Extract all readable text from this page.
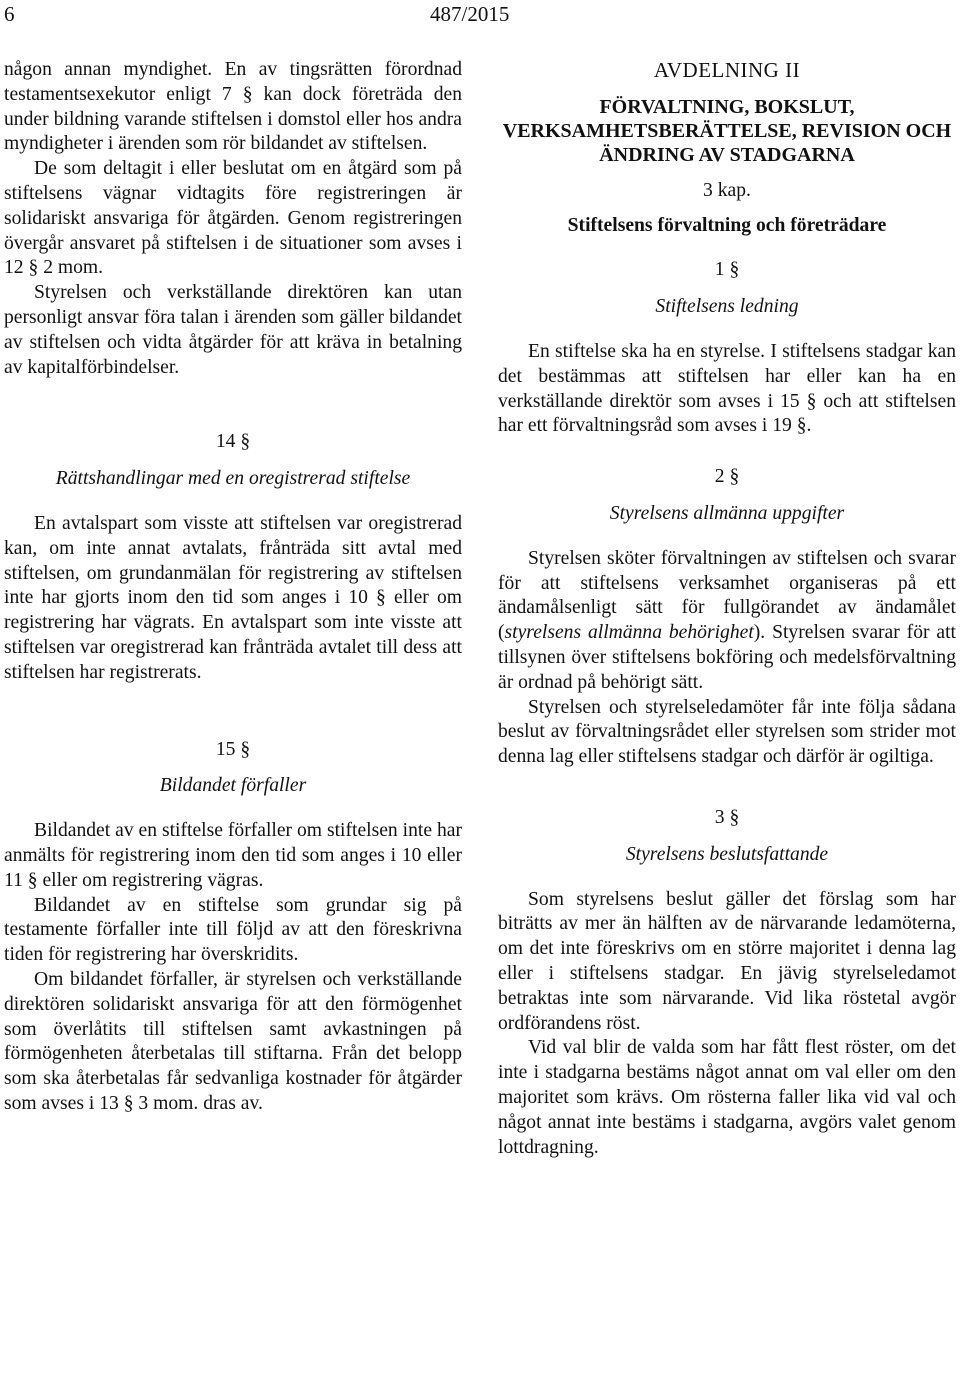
6	487/2015

någon annan myndighet. En av tingsrätten förordnad testamentsexekutor enligt 7 § kan dock företräda den under bildning varande stiftelsen i domstol eller hos andra myndigheter i ärenden som rör bildandet av stiftelsen.

De som deltagit i eller beslutat om en åtgärd som på stiftelsens vägnar vidtagits före registreringen är solidariskt ansvariga för åtgärden. Genom registreringen övergår ansvaret på stiftelsen i de situationer som avses i 12 § 2 mom.

Styrelsen och verkställande direktören kan utan personligt ansvar föra talan i ärenden som gäller bildandet av stiftelsen och vidta åtgärder för att kräva in betalning av kapitalförbindelser.

14 §
Rättshandlingar med en oregistrerad stiftelse

En avtalspart som visste att stiftelsen var oregistrerad kan, om inte annat avtalats, frånträda sitt avtal med stiftelsen, om grundanmälan för registrering av stiftelsen inte har gjorts inom den tid som anges i 10 § eller om registrering har vägrats. En avtalspart som inte visste att stiftelsen var oregistrerad kan frånträda avtalet till dess att stiftelsen har registrerats.

15 §
Bildandet förfaller

Bildandet av en stiftelse förfaller om stiftelsen inte har anmälts för registrering inom den tid som anges i 10 eller 11 § eller om registrering vägras.

Bildandet av en stiftelse som grundar sig på testamente förfaller inte till följd av att den föreskrivna tiden för registrering har överskridits.

Om bildandet förfaller, är styrelsen och verkställande direktören solidariskt ansvariga för att den förmögenhet som överlåtits till stiftelsen samt avkastningen på förmögenheten återbetalas till stiftarna. Från det belopp som ska återbetalas får sedvanliga kostnader för åtgärder som avses i 13 § 3 mom. dras av.

AVDELNING II
FÖRVALTNING, BOKSLUT, VERKSAMHETSBERÄTTELSE, REVISION OCH ÄNDRING AV STADGARNA
3 kap.
Stiftelsens förvaltning och företrädare
1 §
Stiftelsens ledning

En stiftelse ska ha en styrelse. I stiftelsens stadgar kan det bestämmas att stiftelsen har eller kan ha en verkställande direktör som avses i 15 § och att stiftelsen har ett förvaltningsråd som avses i 19 §.

2 §
Styrelsens allmänna uppgifter

Styrelsen sköter förvaltningen av stiftelsen och svarar för att stiftelsens verksamhet organiseras på ett ändamålsenligt sätt för fullgörandet av ändamålet (styrelsens allmänna behörighet). Styrelsen svarar för att tillsynen över stiftelsens bokföring och medelsförvaltning är ordnad på behörigt sätt.

Styrelsen och styrelseledamöter får inte följa sådana beslut av förvaltningsrådet eller styrelsen som strider mot denna lag eller stiftelsens stadgar och därför är ogiltiga.

3 §
Styrelsens beslutsfattande

Som styrelsens beslut gäller det förslag som har biträtts av mer än hälften av de närvarande ledamöterna, om det inte föreskrivs om en större majoritet i denna lag eller i stiftelsens stadgar. En jävig styrelseledamot betraktas inte som närvarande. Vid lika röstetal avgör ordförandens röst.

Vid val blir de valda som har fått flest röster, om det inte i stadgarna bestäms något annat om val eller om den majoritet som krävs. Om rösterna faller lika vid val och något annat inte bestäms i stadgarna, avgörs valet genom lottdragning.
